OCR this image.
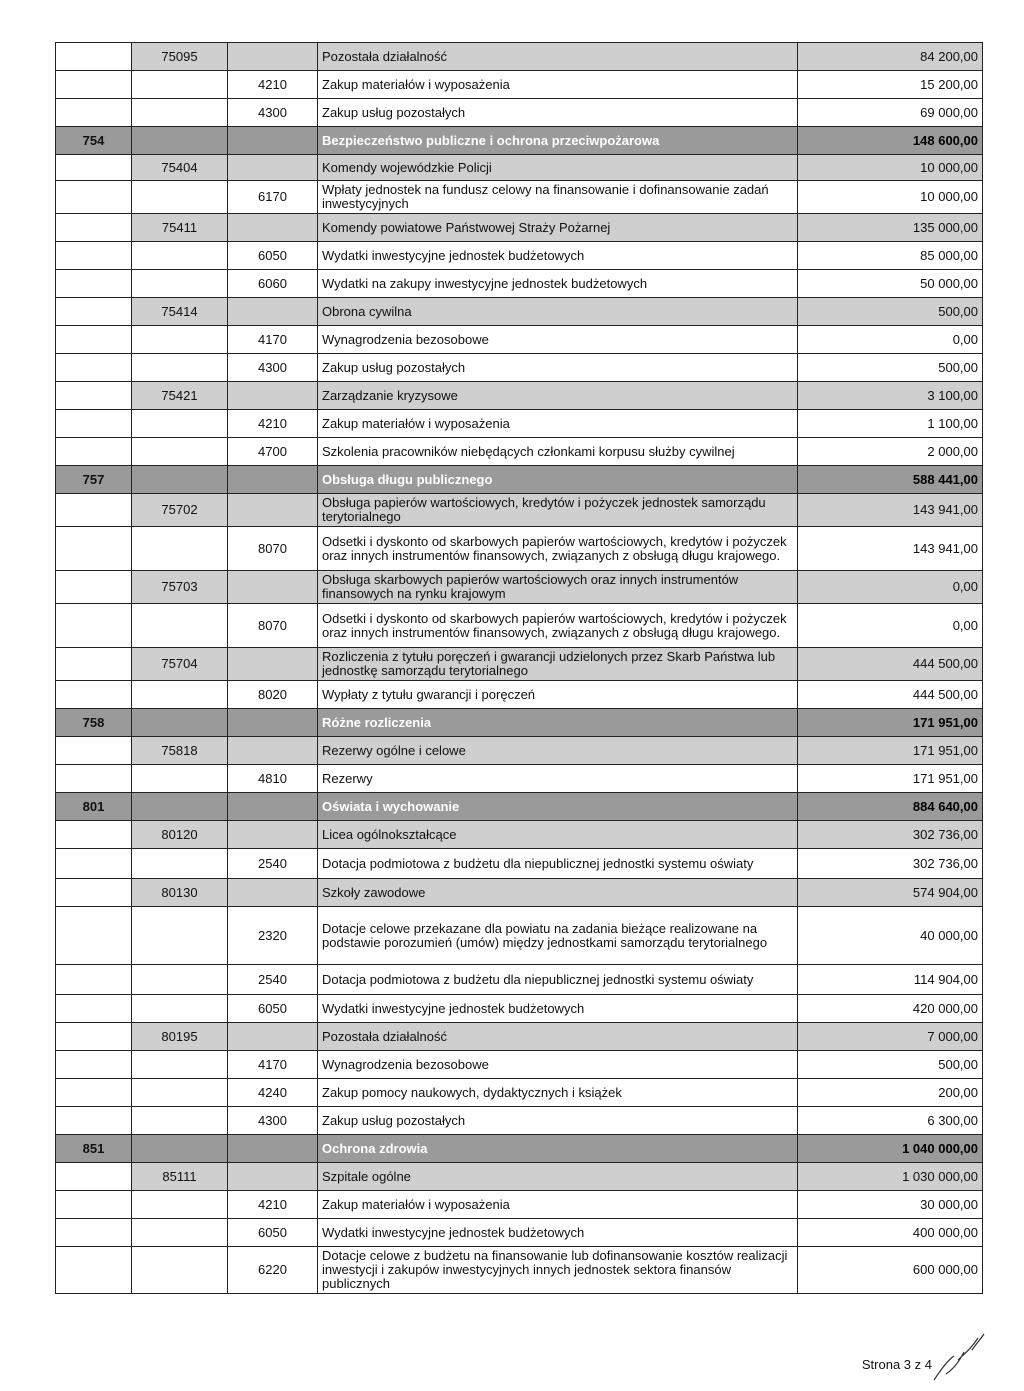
	75095		Pozostała działalność	84 200,00
		4210	Zakup materiałów i wyposażenia	15 200,00
		4300	Zakup usług pozostałych	69 000,00
754			Bezpieczeństwo publiczne i ochrona przeciwpożarowa	148 600,00
	75404		Komendy wojewódzkie Policji	10 000,00
		6170	Wpłaty jednostek na fundusz celowy na finansowanie i dofinansowanie zadań inwestycyjnych	10 000,00
	75411		Komendy powiatowe Państwowej Straży Pożarnej	135 000,00
		6050	Wydatki inwestycyjne jednostek budżetowych	85 000,00
		6060	Wydatki na zakupy inwestycyjne jednostek budżetowych	50 000,00
	75414		Obrona cywilna	500,00
		4170	Wynagrodzenia bezosobowe	0,00
		4300	Zakup usług pozostałych	500,00
	75421		Zarządzanie kryzysowe	3 100,00
		4210	Zakup materiałów i wyposażenia	1 100,00
		4700	Szkolenia pracowników niebędących członkami korpusu służby cywilnej	2 000,00
757			Obsługa długu publicznego	588 441,00
	75702		Obsługa papierów wartościowych, kredytów i pożyczek jednostek samorządu terytorialnego	143 941,00
		8070	Odsetki i dyskonto od skarbowych papierów wartościowych, kredytów i pożyczek oraz innych instrumentów finansowych, związanych z obsługą długu krajowego.	143 941,00
	75703		Obsługa skarbowych papierów wartościowych oraz innych instrumentów finansowych na rynku krajowym	0,00
		8070	Odsetki i dyskonto od skarbowych papierów wartościowych, kredytów i pożyczek oraz innych instrumentów finansowych, związanych z obsługą długu krajowego.	0,00
	75704		Rozliczenia z tytułu poręczeń i gwarancji udzielonych przez Skarb Państwa lub jednostkę samorządu terytorialnego	444 500,00
		8020	Wypłaty z tytułu gwarancji i poręczeń	444 500,00
758			Różne rozliczenia	171 951,00
	75818		Rezerwy ogólne i celowe	171 951,00
		4810	Rezerwy	171 951,00
801			Oświata i wychowanie	884 640,00
	80120		Licea ogólnokształcące	302 736,00
		2540	Dotacja podmiotowa z budżetu dla niepublicznej jednostki systemu oświaty	302 736,00
	80130		Szkoły zawodowe	574 904,00
		2320	Dotacje celowe przekazane dla powiatu na zadania bieżące realizowane na podstawie porozumień (umów) między jednostkami samorządu terytorialnego	40 000,00
		2540	Dotacja podmiotowa z budżetu dla niepublicznej jednostki systemu oświaty	114 904,00
		6050	Wydatki inwestycyjne jednostek budżetowych	420 000,00
	80195		Pozostała działalność	7 000,00
		4170	Wynagrodzenia bezosobowe	500,00
		4240	Zakup pomocy naukowych, dydaktycznych i książek	200,00
		4300	Zakup usług pozostałych	6 300,00
851			Ochrona zdrowia	1 040 000,00
	85111		Szpitale ogólne	1 030 000,00
		4210	Zakup materiałów i wyposażenia	30 000,00
		6050	Wydatki inwestycyjne jednostek budżetowych	400 000,00
		6220	Dotacje celowe z budżetu na finansowanie lub dofinansowanie kosztów realizacji inwestycji i zakupów inwestycyjnych innych jednostek sektora finansów publicznych	600 000,00
Strona 3 z 4
